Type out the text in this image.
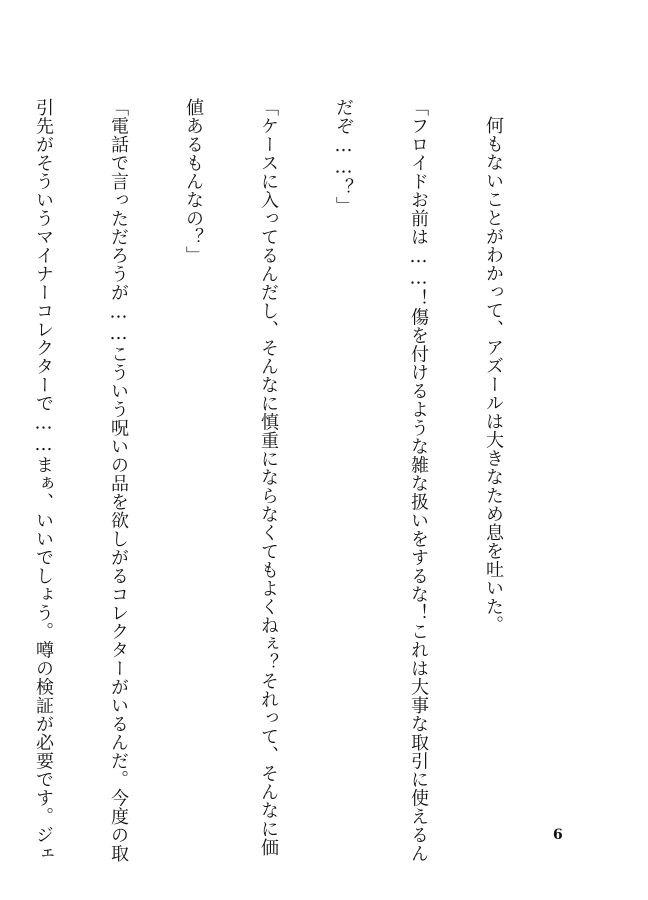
何もないことがわかって、アズールは大きなため息を吐いた。

「フロイドお前は……！傷を付けるような雑な扱いをするな！これは大事な取引に使えるん

だぞ……？」

「ケースに入ってるんだし、そんなに慎重にならなくてもよくねぇ？それって、そんなに価

値あるもんなの？」

「電話で言っただろうが……こういう呪いの品を欲しがるコレクターがいるんだ。今度の取

引先がそういうマイナーコレクターで……まぁ、いいでしょう。噂の検証が必要です。ジェ

	6
